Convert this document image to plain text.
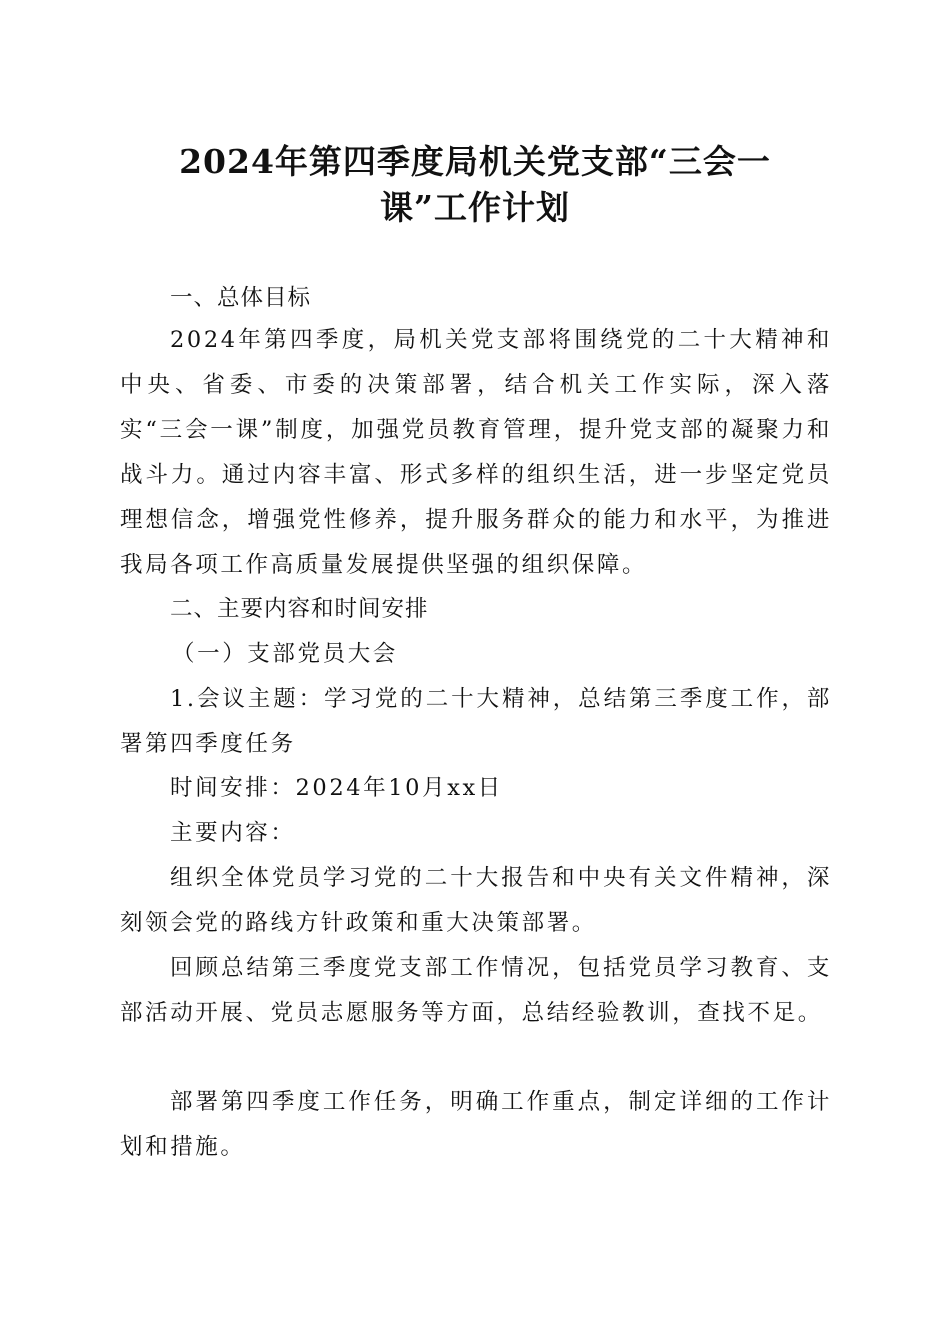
2024年第四季度局机关党支部“三会一
课”工作计划
一、总体目标

2024年第四季度，局机关党支部将围绕党的二十大精神和中央、省委、市委的决策部署，结合机关工作实际，深入落实“三会一课”制度，加强党员教育管理，提升党支部的凝聚力和战斗力。通过内容丰富、形式多样的组织生活，进一步坚定党员理想信念，增强党性修养，提升服务群众的能力和水平，为推进我局各项工作高质量发展提供坚强的组织保障。

二、主要内容和时间安排
（一）支部党员大会

1.会议主题：学习党的二十大精神，总结第三季度工作，部署第四季度任务

时间安排：2024年10月xx日
主要内容：

组织全体党员学习党的二十大报告和中央有关文件精神，深刻领会党的路线方针政策和重大决策部署。

回顾总结第三季度党支部工作情况，包括党员学习教育、支部活动开展、党员志愿服务等方面，总结经验教训，查找不足。

部署第四季度工作任务，明确工作重点，制定详细的工作计划和措施。
